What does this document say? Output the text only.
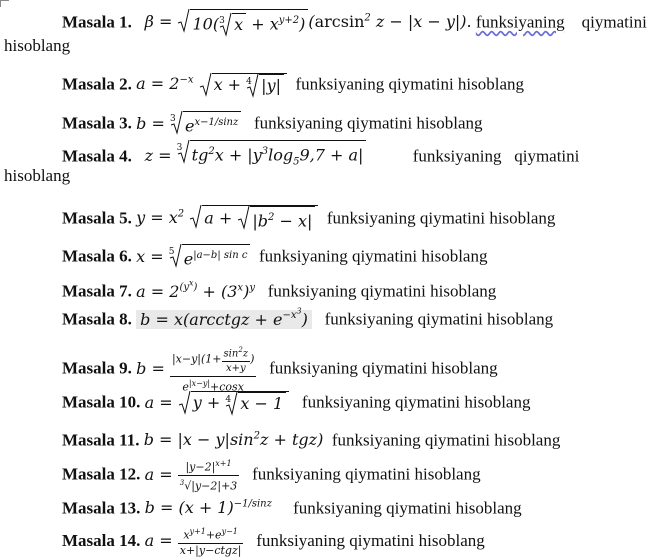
Masala 1. β =
10( 3 $x + x^{y+2}$) ($\arcsin^2$ z − |x − y|). funksiyaning qiymatini
hisoblang
Masala 2. $a = 2^{-x}$ x + 4 |y| funksiyaning qiymatini hisoblang
Masala 3. b = 3 $e^{x-1/sinz}$ funksiyaning qiymatini hisoblang
Masala 4. z = 3 $tg^2x + |y^3\log_59,7 + a|$	funksiyaning qiymatini
hisoblang
Masala 5. $y = x^2$ a +
$|b^2 - x|$ funksiyaning qiymatini hisoblang
Masala 6. x = 5 $e^{|a-b| sin c}$ funksiyaning qiymatini hisoblang
Masala 7. $a = 2^{(y^x)} + (3^x)^y$ funksiyaning qiymatini hisoblang
Masala 8. b = x(arcctgz + $e^{-x^3}$) funksiyaning qiymatini hisoblang
Masala 9. $b = \frac{|x-y|(1+ \frac{\sin^2z}{x+y} )}{e^{|x-y|}+\cos x}$ funksiyaning qiymatini hisoblang
Masala 10. a =
y + 4 x − 1 funksiyaning qiymatini hisoblang
Masala 11. $b = |x - y|\sin^2z + tgz$) funksiyaning qiymatini hisoblang
Masala 12. $a = \frac{|y-2|^{x+1}}{^3√|y-2|+3}$ funksiyaning qiymatini hisoblang
Masala 13. $b = (x + 1)^{-1/sinz}$ funksiyaning qiymatini hisoblang
Masala 14. $a = \frac{x^{y+1}+e^{y-1}}{\text{x+|y−ctgz|}}$ funksiyaning qiymatini hisoblang
